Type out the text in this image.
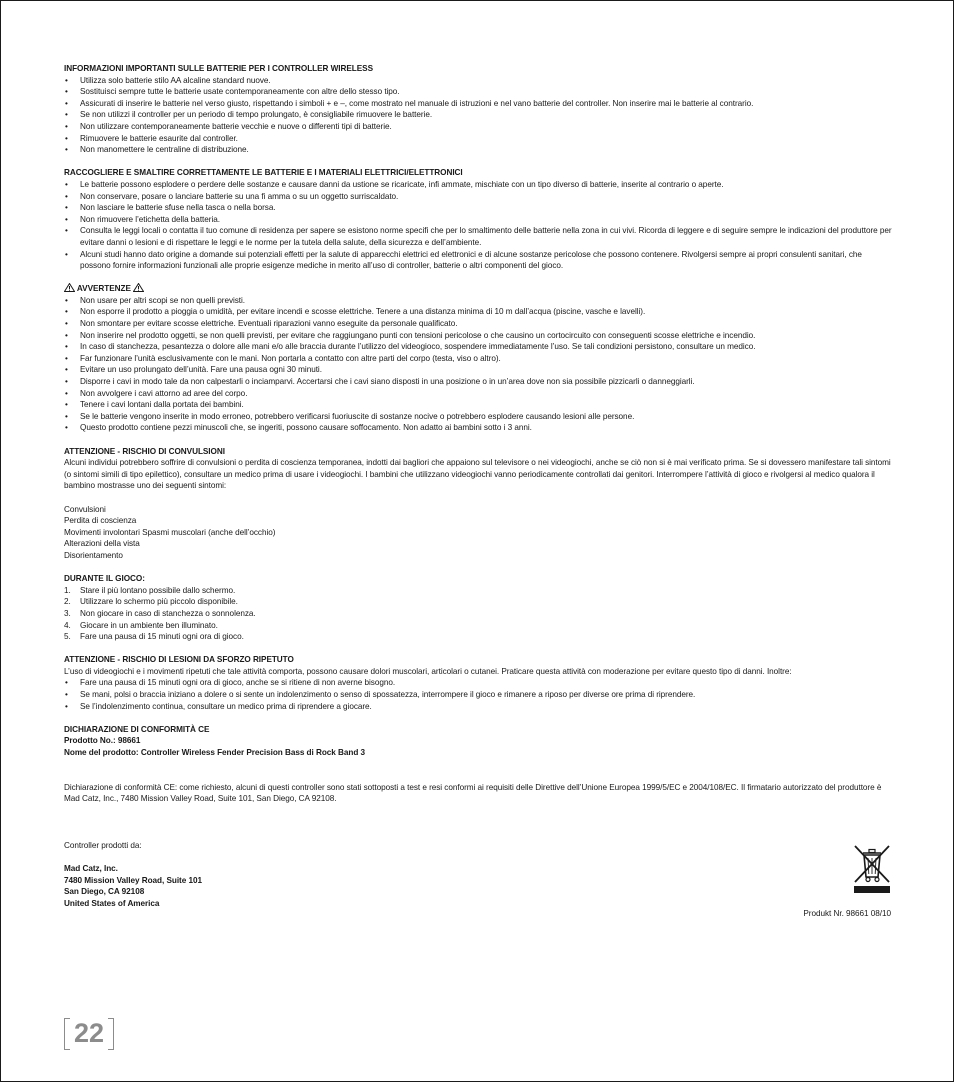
INFORMAZIONI IMPORTANTI SULLE BATTERIE PER I CONTROLLER WIRELESS

• Utilizza solo batterie stilo AA alcaline standard nuove.
• Sostituisci sempre tutte le batterie usate contemporaneamente con altre dello stesso tipo.
• Assicurati di inserire le batterie nel verso giusto, rispettando i simboli + e –, come mostrato nel manuale di istruzioni e nel vano batterie del controller. Non inserire mai le batterie al contrario.
• Se non utilizzi il controller per un periodo di tempo prolungato, è consigliabile rimuovere le batterie.
• Non utilizzare contemporaneamente batterie vecchie e nuove o differenti tipi di batterie.
• Rimuovere le batterie esaurite dal controller.
• Non manomettere le centraline di distribuzione.

RACCOGLIERE E SMALTIRE CORRETTAMENTE LE BATTERIE E I MATERIALI ELETTRICI/ELETTRONICI

• Le batterie possono esplodere o perdere delle sostanze e causare danni da ustione se ricaricate, infi ammate, mischiate con un tipo diverso di batterie, inserite al contrario o aperte.
• Non conservare, posare o lanciare batterie su una fi amma o su un oggetto surriscaldato.
• Non lasciare le batterie sfuse nella tasca o nella borsa.
• Non rimuovere l’etichetta della batteria.
• Consulta le leggi locali o contatta il tuo comune di residenza per sapere se esistono norme specifi che per lo smaltimento delle batterie nella zona in cui vivi. Ricorda di leggere e di seguire sempre le indicazioni del produttore per evitare danni o lesioni e di rispettare le leggi e le norme per la tutela della salute, della sicurezza e dell’ambiente.
• Alcuni studi hanno dato origine a domande sui potenziali effetti per la salute di apparecchi elettrici ed elettronici e di alcune sostanze pericolose che possono contenere. Rivolgersi sempre ai propri consulenti sanitari, che possono fornire informazioni funzionali alle proprie esigenze mediche in merito all’uso di controller, batterie o altri componenti del gioco.

AVVERTENZE

• Non usare per altri scopi se non quelli previsti.
• Non esporre il prodotto a pioggia o umidità, per evitare incendi e scosse elettriche. Tenere a una distanza minima di 10 m dall’acqua (piscine, vasche e lavelli).
• Non smontare per evitare scosse elettriche. Eventuali riparazioni vanno eseguite da personale qualificato.
• Non inserire nel prodotto oggetti, se non quelli previsti, per evitare che raggiungano punti con tensioni pericolose o che causino un cortocircuito con conseguenti scosse elettriche e incendio.
• In caso di stanchezza, pesantezza o dolore alle mani e/o alle braccia durante l’utilizzo del videogioco, sospendere immediatamente l’uso. Se tali condizioni persistono, consultare un medico.
• Far funzionare l’unità esclusivamente con le mani. Non portarla a contatto con altre parti del corpo (testa, viso o altro).
• Evitare un uso prolungato dell’unità. Fare una pausa ogni 30 minuti.
• Disporre i cavi in modo tale da non calpestarli o inciamparvi. Accertarsi che i cavi siano disposti in una posizione o in un’area dove non sia possibile pizzicarli o danneggiarli.
• Non avvolgere i cavi attorno ad aree del corpo.
• Tenere i cavi lontani dalla portata dei bambini.
• Se le batterie vengono inserite in modo erroneo, potrebbero verificarsi fuoriuscite di sostanze nocive o potrebbero esplodere causando lesioni alle persone.
• Questo prodotto contiene pezzi minuscoli che, se ingeriti, possono causare soffocamento. Non adatto ai bambini sotto i 3 anni.

ATTENZIONE - RISCHIO DI CONVULSIONI

Alcuni individui potrebbero soffrire di convulsioni o perdita di coscienza temporanea, indotti dai bagliori che appaiono sul televisore o nei videogiochi, anche se ciò non si è mai verificato prima. Se si dovessero manifestare tali sintomi (o sintomi simili di tipo epilettico), consultare un medico prima di usare i videogiochi. I bambini che utilizzano videogiochi vanno periodicamente controllati dai genitori. Interrompere l’attività di gioco e rivolgersi al medico qualora il bambino mostrasse uno dei seguenti sintomi:

Convulsioni
Perdita di coscienza
Movimenti involontari Spasmi muscolari (anche dell’occhio)
Alterazioni della vista
Disorientamento

DURANTE IL GIOCO:

1.	Stare il più lontano possibile dallo schermo.
2.	Utilizzare lo schermo più piccolo disponibile.
3.	Non giocare in caso di stanchezza o sonnolenza.
4.	Giocare in un ambiente ben illuminato.
5.	Fare una pausa di 15 minuti ogni ora di gioco.

ATTENZIONE - RISCHIO DI LESIONI DA SFORZO RIPETUTO

L’uso di videogiochi e i movimenti ripetuti che tale attività comporta, possono causare dolori muscolari, articolari o cutanei. Praticare questa attività con moderazione per evitare questo tipo di danni. Inoltre:

• Fare una pausa di 15 minuti ogni ora di gioco, anche se si ritiene di non averne bisogno.
• Se mani, polsi o braccia iniziano a dolere o si sente un indolenzimento o senso di spossatezza, interrompere il gioco e rimanere a riposo per diverse ore prima di riprendere.
• Se l’indolenzimento continua, consultare un medico prima di riprendere a giocare.

DICHIARAZIONE DI CONFORMITÀ CE

Prodotto No.: 98661

Nome del prodotto: Controller Wireless Fender Precision Bass di Rock Band 3

Dichiarazione di conformità CE: come richiesto, alcuni di questi controller sono stati sottoposti a test e resi conformi ai requisiti delle Direttive dell’Unione Europea 1999/5/EC e 2004/108/EC. Il firmatario autorizzato del produttore è Mad Catz, Inc., 7480 Mission Valley Road, Suite 101, San Diego, CA 92108.

Controller prodotti da:

Mad Catz, Inc.

7480 Mission Valley Road, Suite 101

San Diego, CA 92108

United States of America

Produkt Nr. 98661 08/10
22
